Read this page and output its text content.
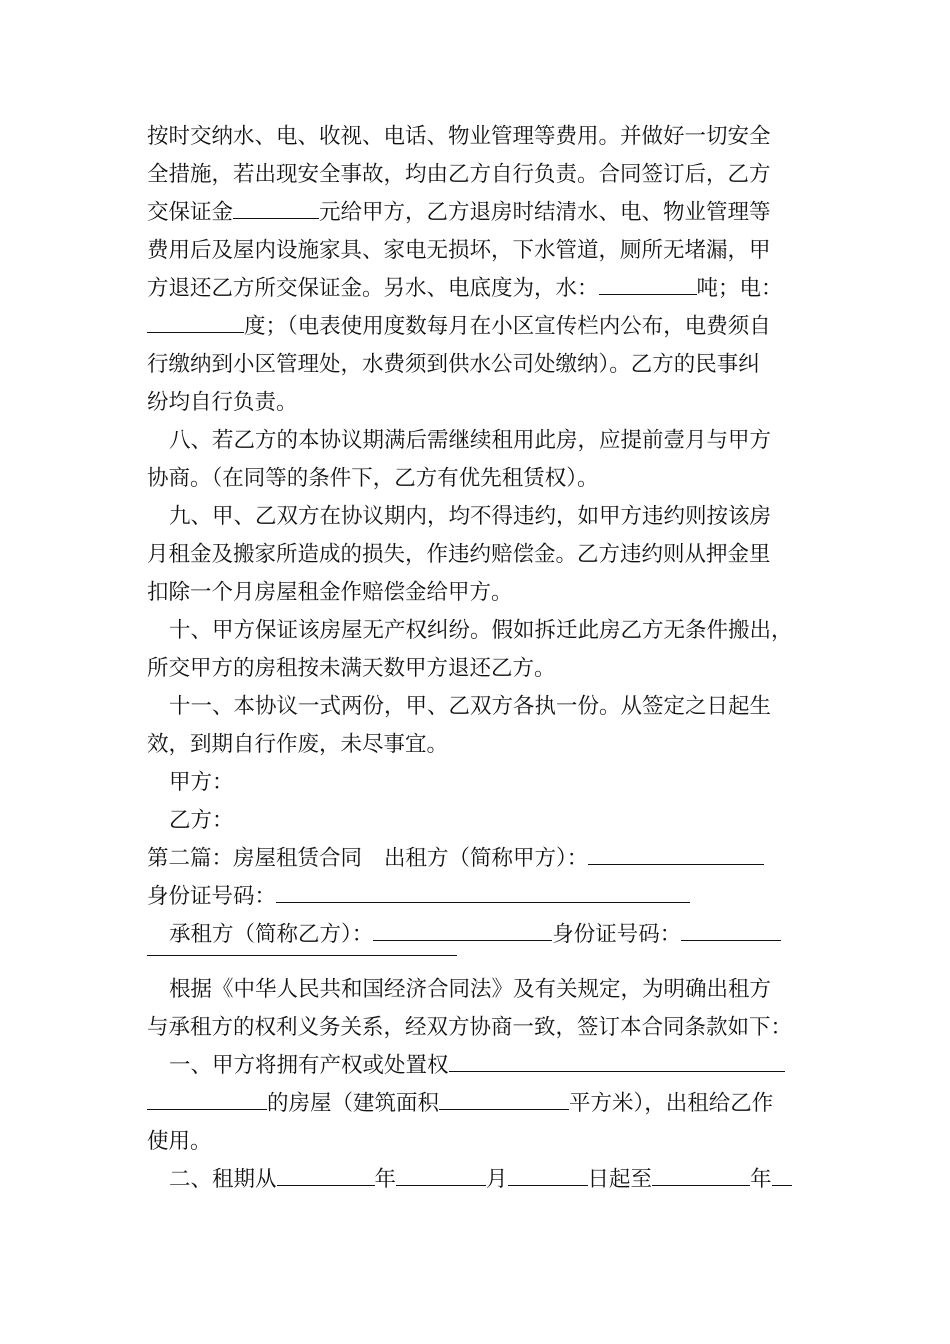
按时交纳水、电、收视、电话、物业管理等费用。并做好一切安全
全措施，若出现安全事故，均由乙方自行负责。合同签订后，乙方
交保证金	元给甲方，乙方退房时结清水、电、物业管理等
费用后及屋内设施家具、家电无损坏，下水管道，厕所无堵漏，甲
方退还乙方所交保证金。另水、电底度为，水：	吨；电：
度；（电表使用度数每月在小区宣传栏内公布，电费须自
行缴纳到小区管理处，水费须到供水公司处缴纳）。乙方的民事纠
纷均自行负责。
八、若乙方的本协议期满后需继续租用此房，应提前壹月与甲方
协商。（在同等的条件下，乙方有优先租赁权）。
九、甲、乙双方在协议期内，均不得违约，如甲方违约则按该房
月租金及搬家所造成的损失，作违约赔偿金。乙方违约则从押金里
扣除一个月房屋租金作赔偿金给甲方。
十、甲方保证该房屋无产权纠纷。假如拆迁此房乙方无条件搬出，
所交甲方的房租按未满天数甲方退还乙方。
十一、本协议一式两份，甲、乙双方各执一份。从签定之日起生
效，到期自行作废，未尽事宜。
甲方：
乙方：
第二篇：房屋租赁合同 出租方（简称甲方）：
身份证号码：
承租方（简称乙方）：	身份证号码：
根据《中华人民共和国经济合同法》及有关规定，为明确出租方
与承租方的权利义务关系，经双方协商一致，签订本合同条款如下：
一、甲方将拥有产权或处置权
的房屋（建筑面积	平方米），出租给乙作
使用。
二、租期从	年	月	日起至	年
